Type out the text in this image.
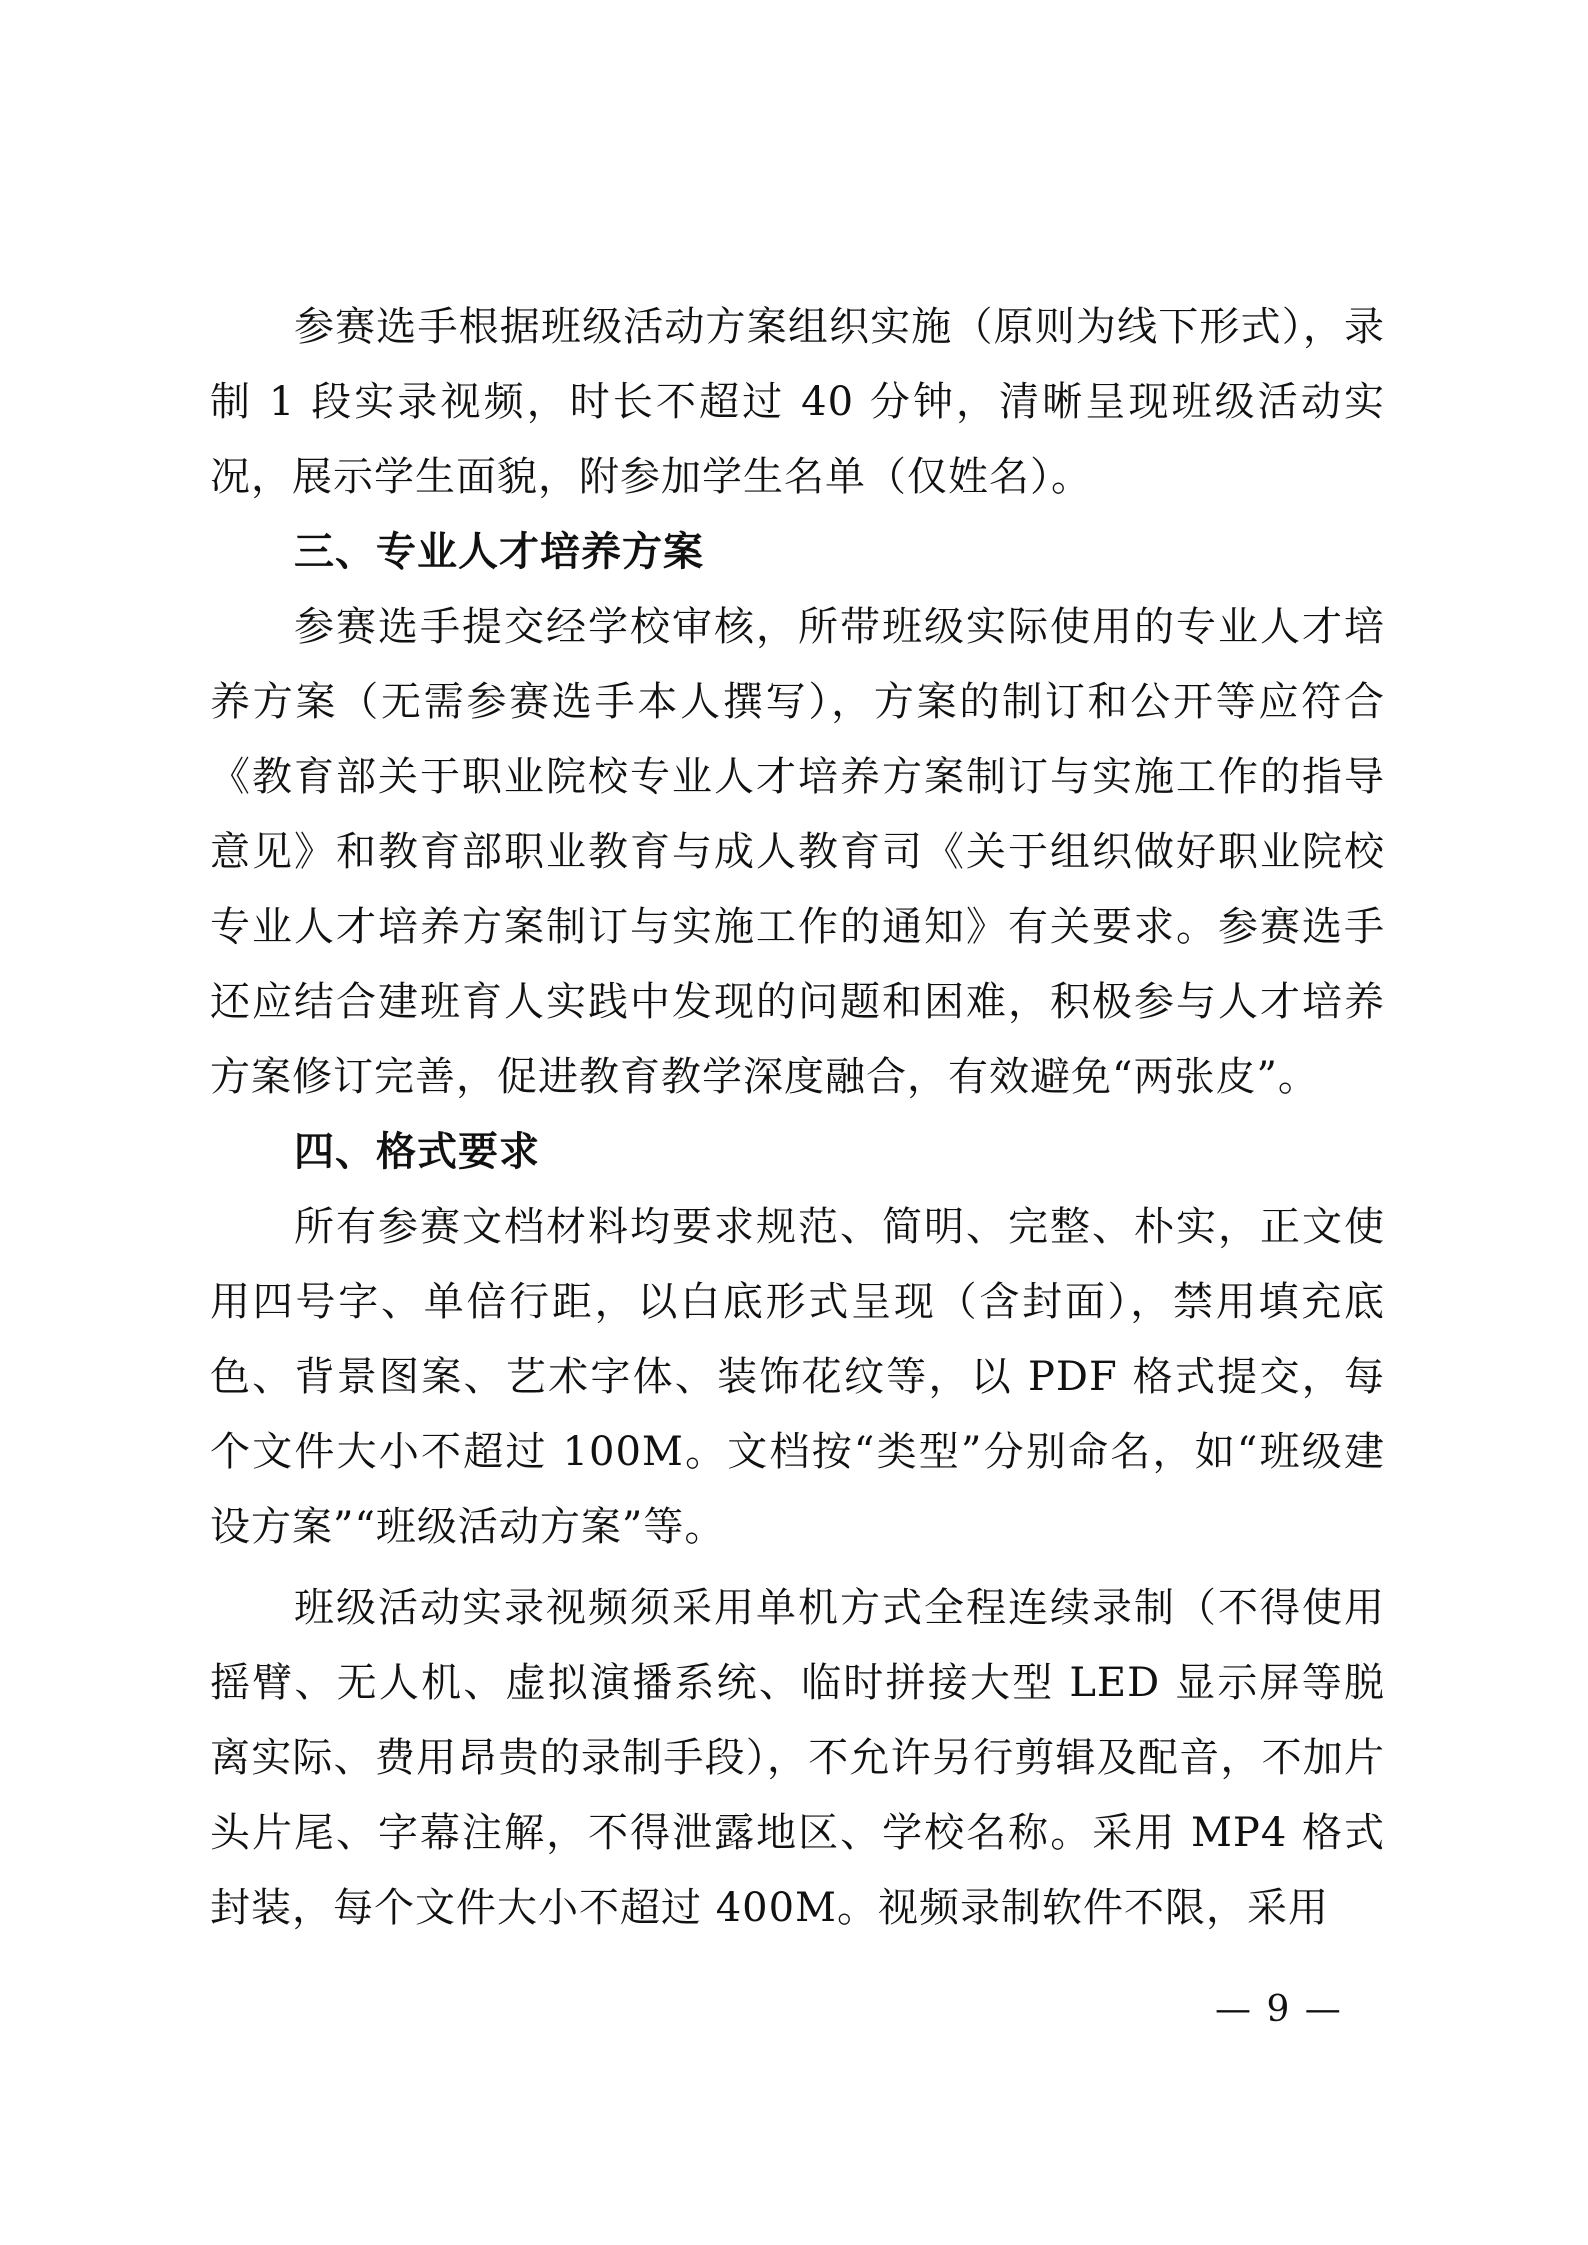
参赛选手根据班级活动方案组织实施（原则为线下形式），录制 1 段实录视频，时长不超过 40 分钟，清晰呈现班级活动实况，展示学生面貌，附参加学生名单（仅姓名）。

三、专业人才培养方案

参赛选手提交经学校审核，所带班级实际使用的专业人才培养方案（无需参赛选手本人撰写），方案的制订和公开等应符合《教育部关于职业院校专业人才培养方案制订与实施工作的指导意见》和教育部职业教育与成人教育司《关于组织做好职业院校专业人才培养方案制订与实施工作的通知》有关要求。参赛选手还应结合建班育人实践中发现的问题和困难，积极参与人才培养方案修订完善，促进教育教学深度融合，有效避免“两张皮”。

四、格式要求

所有参赛文档材料均要求规范、简明、完整、朴实，正文使用四号字、单倍行距，以白底形式呈现（含封面），禁用填充底色、背景图案、艺术字体、装饰花纹等，以 PDF 格式提交，每个文件大小不超过 100M。文档按“类型”分别命名，如“班级建设方案”“班级活动方案”等。

班级活动实录视频须采用单机方式全程连续录制（不得使用摇臂、无人机、虚拟演播系统、临时拼接大型 LED 显示屏等脱离实际、费用昂贵的录制手段），不允许另行剪辑及配音，不加片头片尾、字幕注解，不得泄露地区、学校名称。采用 MP4 格式封装，每个文件大小不超过 400M。视频录制软件不限，采用

— 9 —
